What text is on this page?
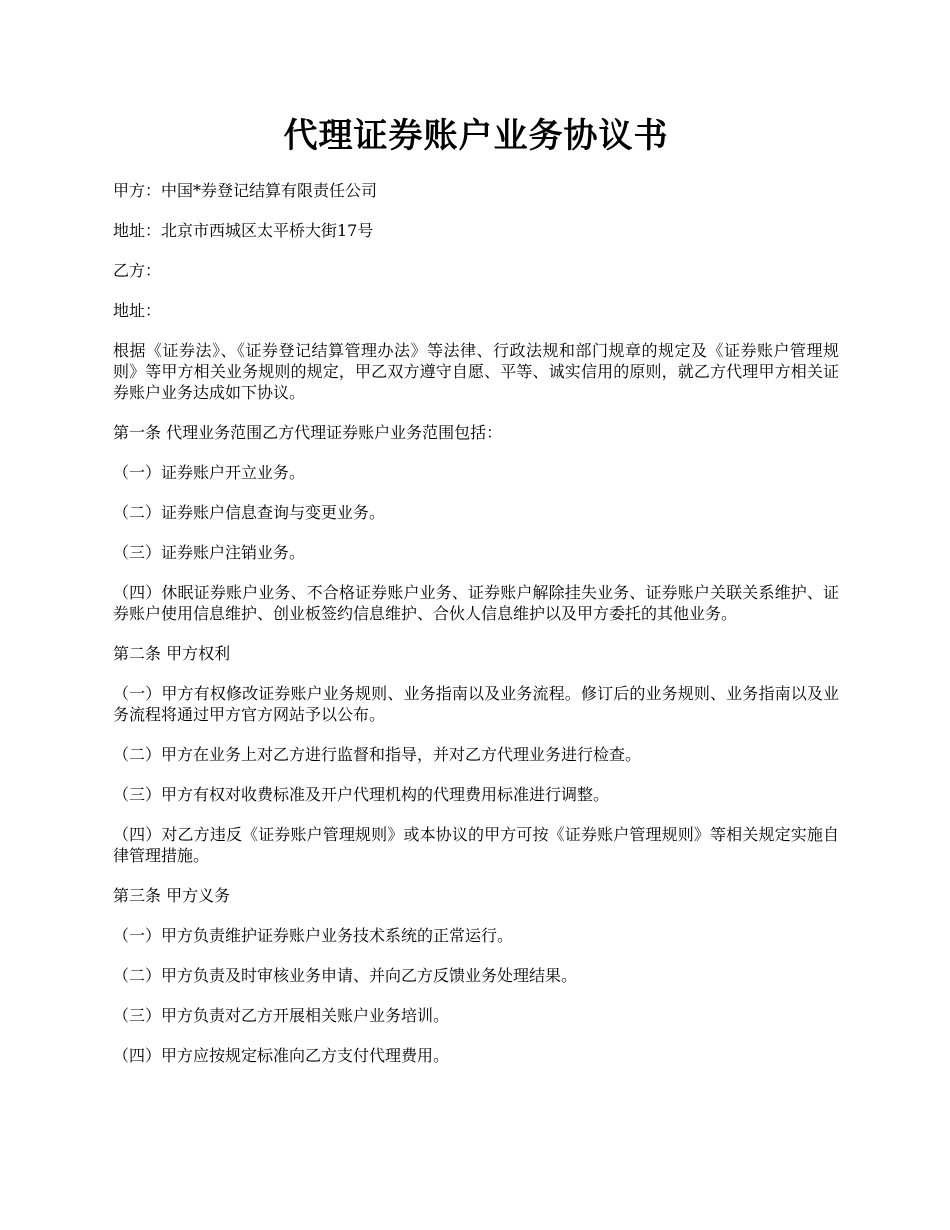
代理证券账户业务协议书

甲方：中国*券登记结算有限责任公司

地址：北京市西城区太平桥大街17号

乙方：

地址：

根据《证券法》、《证券登记结算管理办法》等法律、行政法规和部门规章的规定及《证券账户管理规则》等甲方相关业务规则的规定，甲乙双方遵守自愿、平等、诚实信用的原则，就乙方代理甲方相关证券账户业务达成如下协议。

第一条 代理业务范围乙方代理证券账户业务范围包括：

（一）证券账户开立业务。

（二）证券账户信息查询与变更业务。

（三）证券账户注销业务。

（四）休眠证券账户业务、不合格证券账户业务、证券账户解除挂失业务、证券账户关联关系维护、证券账户使用信息维护、创业板签约信息维护、合伙人信息维护以及甲方委托的其他业务。

第二条 甲方权利

（一）甲方有权修改证券账户业务规则、业务指南以及业务流程。修订后的业务规则、业务指南以及业务流程将通过甲方官方网站予以公布。

（二）甲方在业务上对乙方进行监督和指导，并对乙方代理业务进行检查。

（三）甲方有权对收费标准及开户代理机构的代理费用标准进行调整。

（四）对乙方违反《证券账户管理规则》或本协议的甲方可按《证券账户管理规则》等相关规定实施自律管理措施。

第三条 甲方义务

（一）甲方负责维护证券账户业务技术系统的正常运行。

（二）甲方负责及时审核业务申请、并向乙方反馈业务处理结果。

（三）甲方负责对乙方开展相关账户业务培训。

（四）甲方应按规定标准向乙方支付代理费用。
